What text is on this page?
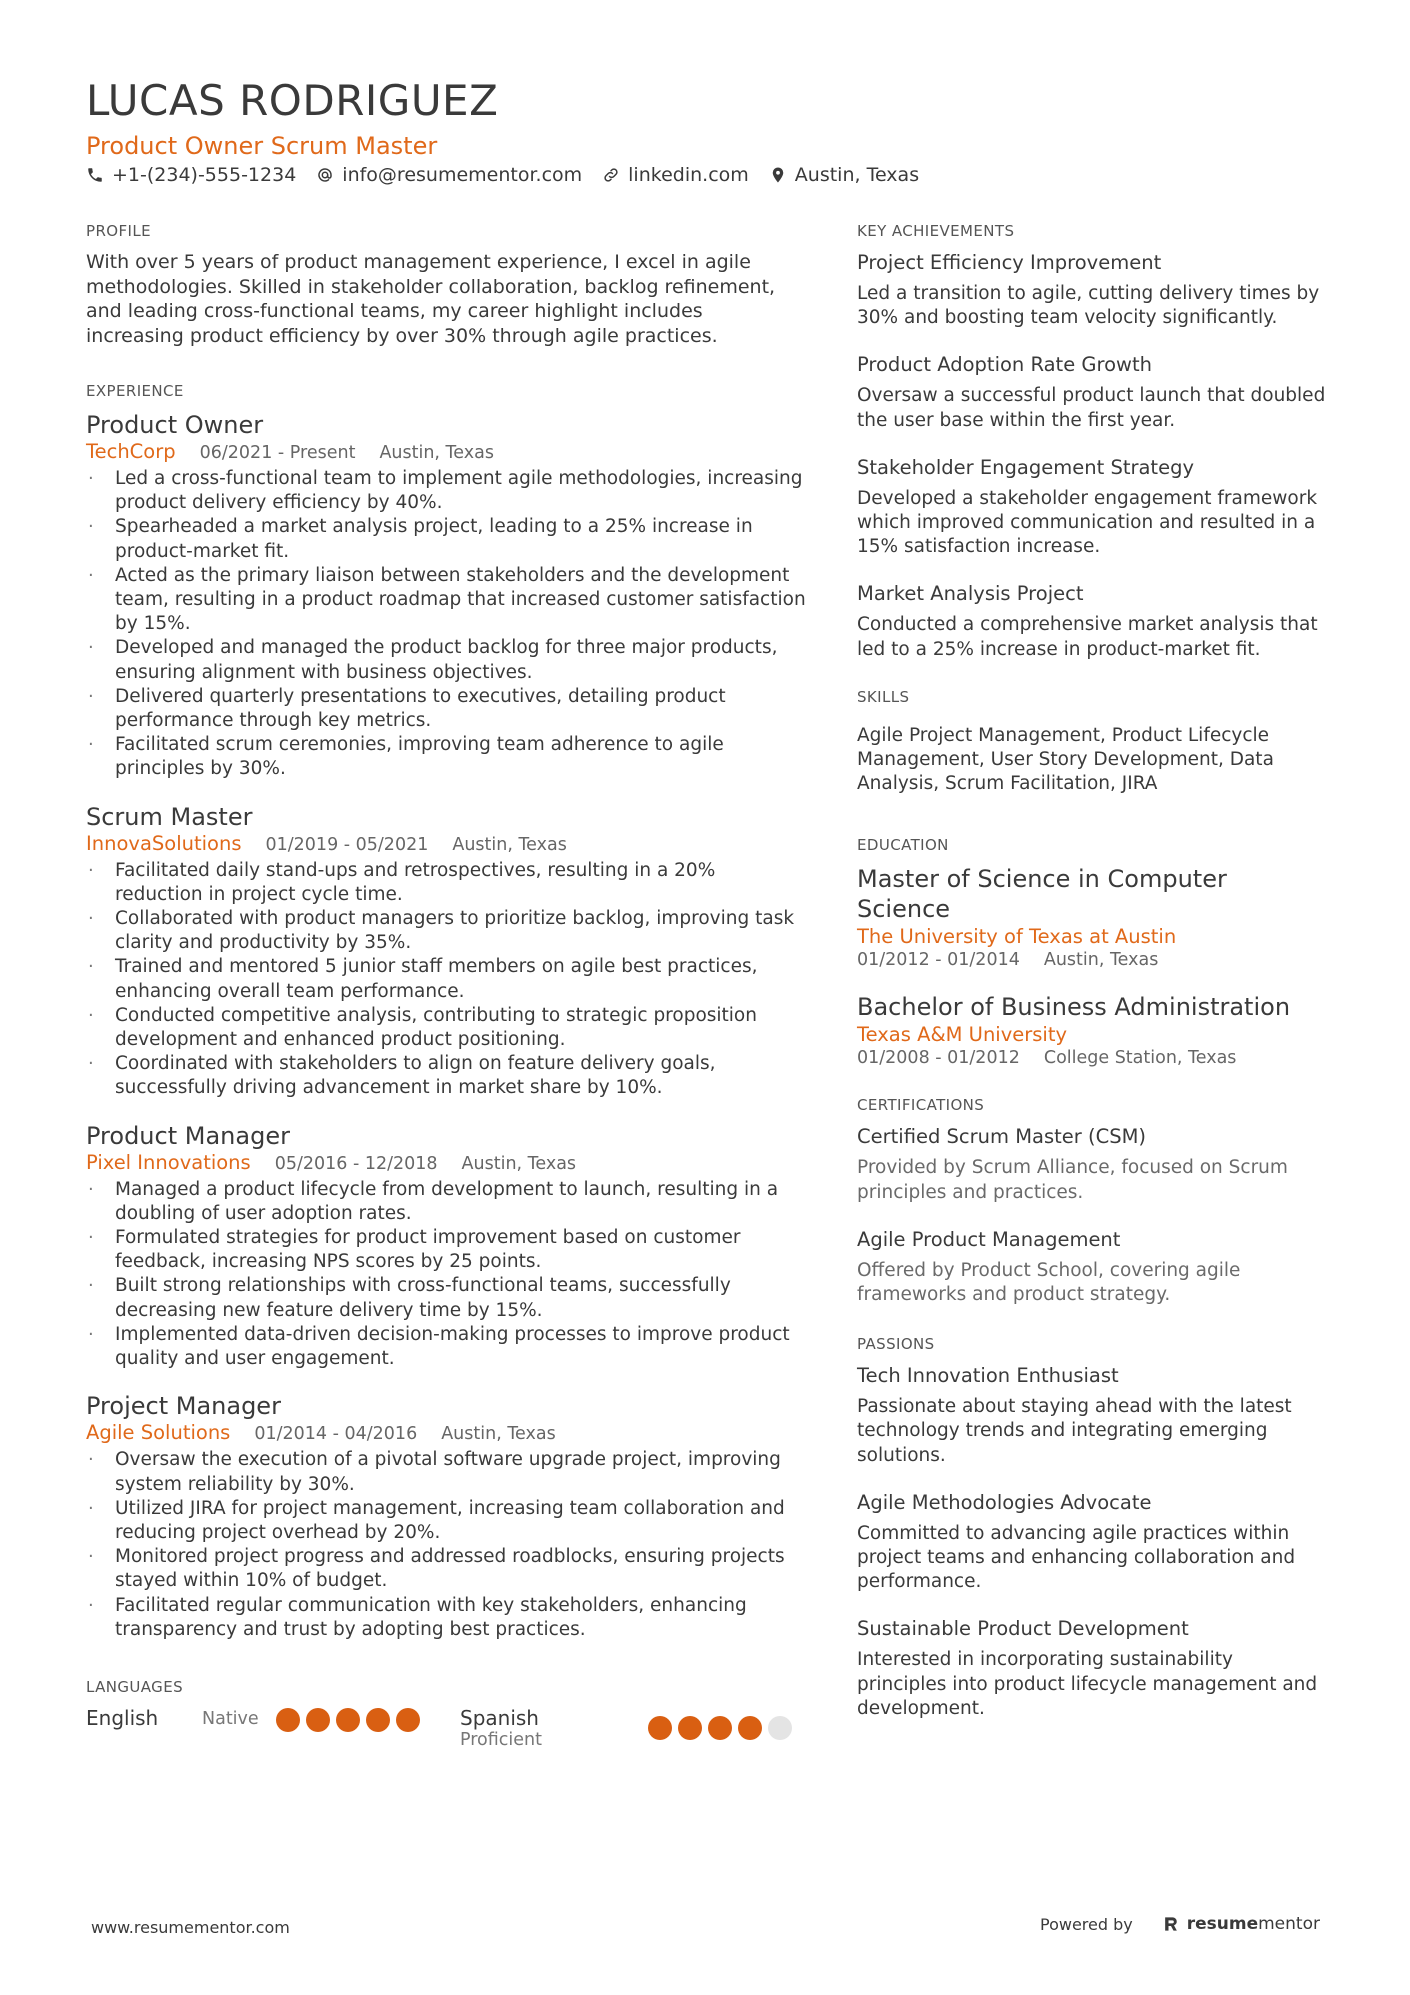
LUCAS RODRIGUEZ
Product Owner Scrum Master
+1-(234)-555-1234 info@resumementor.com linkedin.com Austin, Texas
PROFILE

With over 5 years of product management experience, I excel in agile methodologies. Skilled in stakeholder collaboration, backlog refinement, and leading cross-functional teams, my career highlight includes increasing product efficiency by over 30% through agile practices.

EXPERIENCE
Product Owner
TechCorp 06/2021 - Present Austin, Texas
· Led a cross-functional team to implement agile methodologies, increasing product delivery efficiency by 40%.
· Spearheaded a market analysis project, leading to a 25% increase in product-market fit.
· Acted as the primary liaison between stakeholders and the development team, resulting in a product roadmap that increased customer satisfaction by 15%.
· Developed and managed the product backlog for three major products, ensuring alignment with business objectives.
· Delivered quarterly presentations to executives, detailing product performance through key metrics.
· Facilitated scrum ceremonies, improving team adherence to agile principles by 30%.
Scrum Master
InnovaSolutions 01/2019 - 05/2021 Austin, Texas
· Facilitated daily stand-ups and retrospectives, resulting in a 20% reduction in project cycle time.
· Collaborated with product managers to prioritize backlog, improving task clarity and productivity by 35%.
· Trained and mentored 5 junior staff members on agile best practices, enhancing overall team performance.
· Conducted competitive analysis, contributing to strategic proposition development and enhanced product positioning.
· Coordinated with stakeholders to align on feature delivery goals, successfully driving advancement in market share by 10%.
Product Manager
Pixel Innovations 05/2016 - 12/2018 Austin, Texas
· Managed a product lifecycle from development to launch, resulting in a doubling of user adoption rates.
· Formulated strategies for product improvement based on customer feedback, increasing NPS scores by 25 points.
· Built strong relationships with cross-functional teams, successfully decreasing new feature delivery time by 15%.
· Implemented data-driven decision-making processes to improve product quality and user engagement.
Project Manager
Agile Solutions 01/2014 - 04/2016 Austin, Texas
· Oversaw the execution of a pivotal software upgrade project, improving system reliability by 30%.
· Utilized JIRA for project management, increasing team collaboration and reducing project overhead by 20%.
· Monitored project progress and addressed roadblocks, ensuring projects stayed within 10% of budget.
· Facilitated regular communication with key stakeholders, enhancing transparency and trust by adopting best practices.
LANGUAGES
English	Native	Spanish
Proficient
KEY ACHIEVEMENTS
Project Efficiency Improvement
Led a transition to agile, cutting delivery times by 30% and boosting team velocity significantly.
Product Adoption Rate Growth
Oversaw a successful product launch that doubled the user base within the first year.
Stakeholder Engagement Strategy
Developed a stakeholder engagement framework which improved communication and resulted in a 15% satisfaction increase.
Market Analysis Project
Conducted a comprehensive market analysis that led to a 25% increase in product-market fit.
SKILLS

Agile Project Management, Product Lifecycle Management, User Story Development, Data Analysis, Scrum Facilitation, JIRA

EDUCATION
Master of Science in Computer Science
The University of Texas at Austin
01/2012 - 01/2014 Austin, Texas
Bachelor of Business Administration
Texas A&M University
01/2008 - 01/2012 College Station, Texas
CERTIFICATIONS
Certified Scrum Master (CSM)
Provided by Scrum Alliance, focused on Scrum principles and practices.
Agile Product Management
Offered by Product School, covering agile frameworks and product strategy.
PASSIONS
Tech Innovation Enthusiast
Passionate about staying ahead with the latest technology trends and integrating emerging solutions.
Agile Methodologies Advocate
Committed to advancing agile practices within project teams and enhancing collaboration and performance.
Sustainable Product Development
Interested in incorporating sustainability principles into product lifecycle management and development.
www.resumementor.com	Powered by	resumementor
